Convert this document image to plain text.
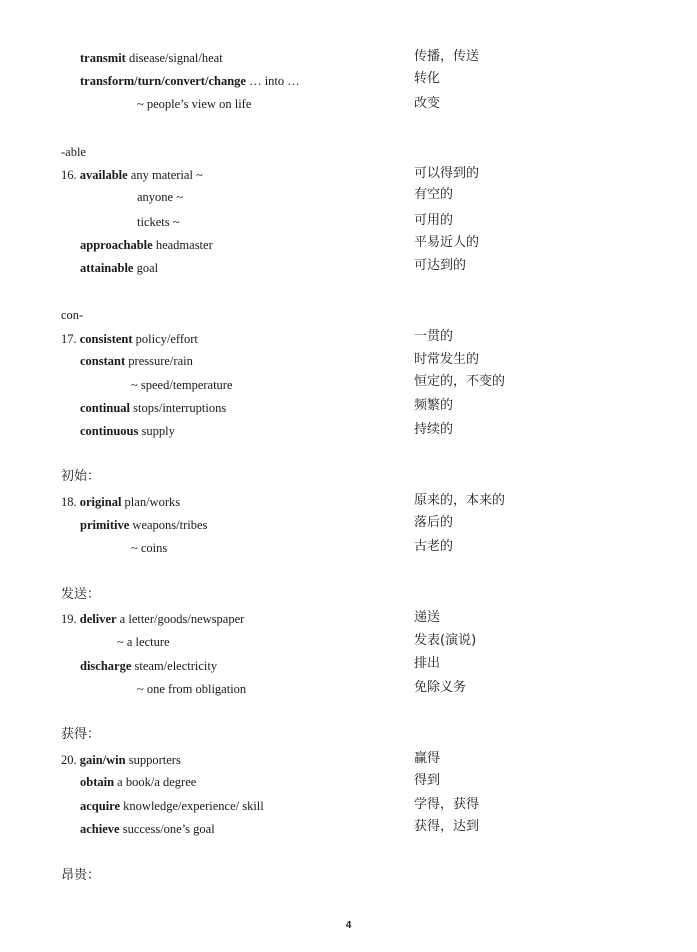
transmit disease/signal/heat	传播，传送
transform/turn/convert/change … into …	转化
~ people’s view on life	改变
-able
16. available any material ~	可以得到的
anyone ~	有空的
tickets ~	可用的
approachable headmaster	平易近人的
attainable goal	可达到的
con-
17. consistent policy/effort	一贯的
constant pressure/rain	时常发生的
~ speed/temperature	恒定的，不变的
continual stops/interruptions	频繁的
continuous supply	持续的
初始：
18. original plan/works	原来的，本来的
primitive weapons/tribes	落后的
~ coins	古老的
发送：
19. deliver a letter/goods/newspaper	递送
~ a lecture	发表(演说)
discharge steam/electricity	排出
~ one from obligation	免除义务
获得：
20. gain/win supporters	赢得
obtain a book/a degree	得到
acquire knowledge/experience/ skill	学得，获得
achieve success/one’s goal	获得，达到
昂贵：
4
